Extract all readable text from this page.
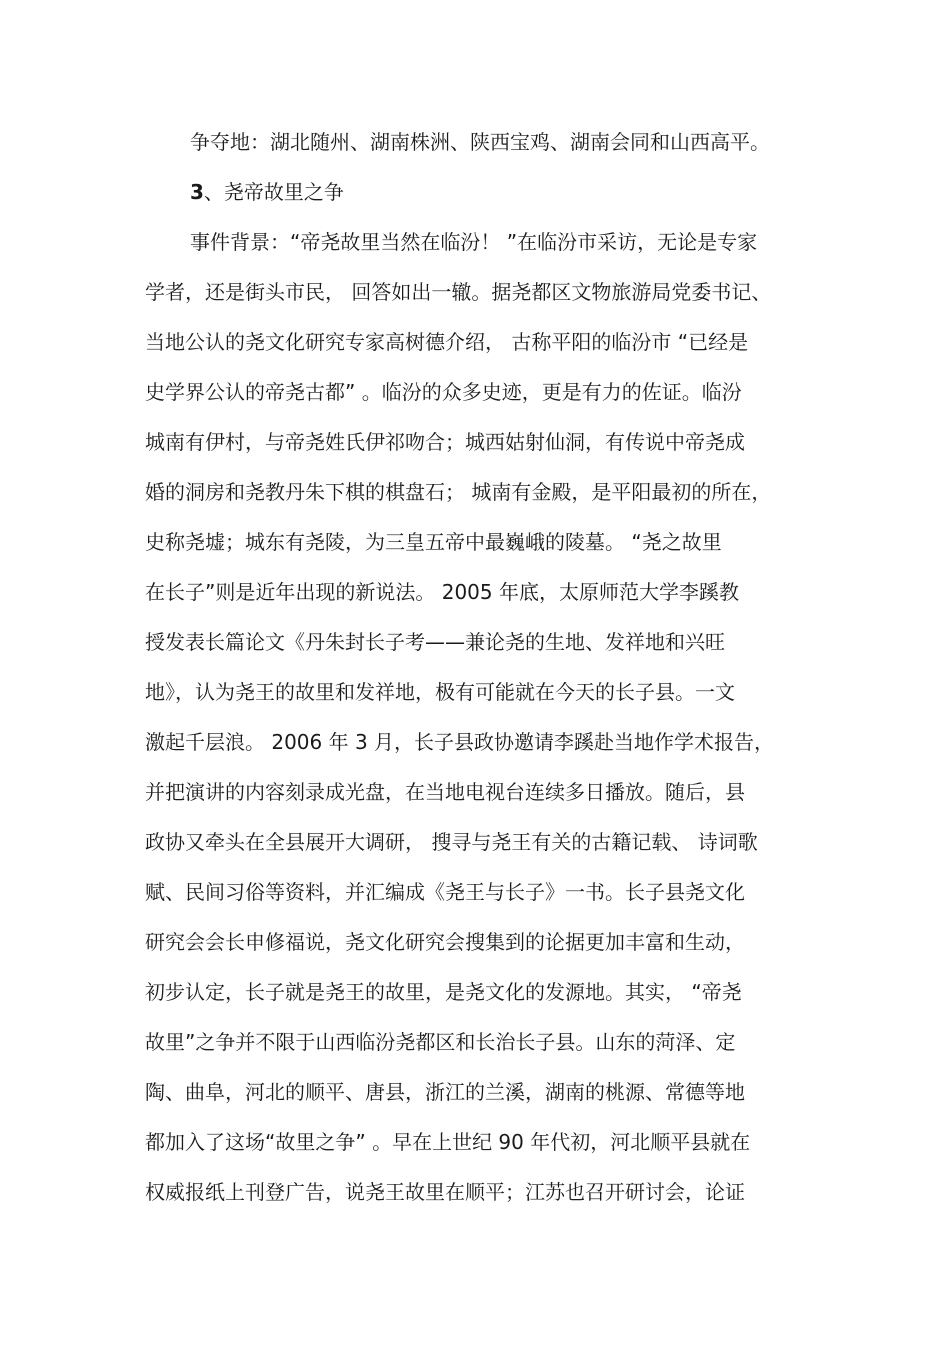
争夺地：湖北随州、湖南株洲、陕西宝鸡、湖南会同和山西高平。
3、尧帝故里之争
事件背景：“帝尧故里当然在临汾！ ”在临汾市采访，无论是专家
学者，还是街头市民， 回答如出一辙。据尧都区文物旅游局党委书记、
当地公认的尧文化研究专家高树德介绍， 古称平阳的临汾市 “已经是
史学界公认的帝尧古都” 。临汾的众多史迹，更是有力的佐证。临汾
城南有伊村，与帝尧姓氏伊祁吻合；城西姑射仙洞，有传说中帝尧成
婚的洞房和尧教丹朱下棋的棋盘石； 城南有金殿，是平阳最初的所在，
史称尧墟；城东有尧陵，为三皇五帝中最巍峨的陵墓。 “尧之故里
在长子”则是近年出现的新说法。 2005 年底，太原师范大学李蹊教
授发表长篇论文《丹朱封长子考——兼论尧的生地、发祥地和兴旺
地》，认为尧王的故里和发祥地，极有可能就在今天的长子县。一文
激起千层浪。 2006 年 3 月，长子县政协邀请李蹊赴当地作学术报告，
并把演讲的内容刻录成光盘，在当地电视台连续多日播放。随后，县
政协又牵头在全县展开大调研， 搜寻与尧王有关的古籍记载、 诗词歌
赋、民间习俗等资料，并汇编成《尧王与长子》一书。长子县尧文化
研究会会长申修福说，尧文化研究会搜集到的论据更加丰富和生动，
初步认定，长子就是尧王的故里，是尧文化的发源地。其实， “帝尧
故里”之争并不限于山西临汾尧都区和长治长子县。山东的菏泽、定
陶、曲阜，河北的顺平、唐县，浙江的兰溪，湖南的桃源、常德等地
都加入了这场“故里之争” 。早在上世纪 90 年代初，河北顺平县就在
权威报纸上刊登广告，说尧王故里在顺平；江苏也召开研讨会，论证
